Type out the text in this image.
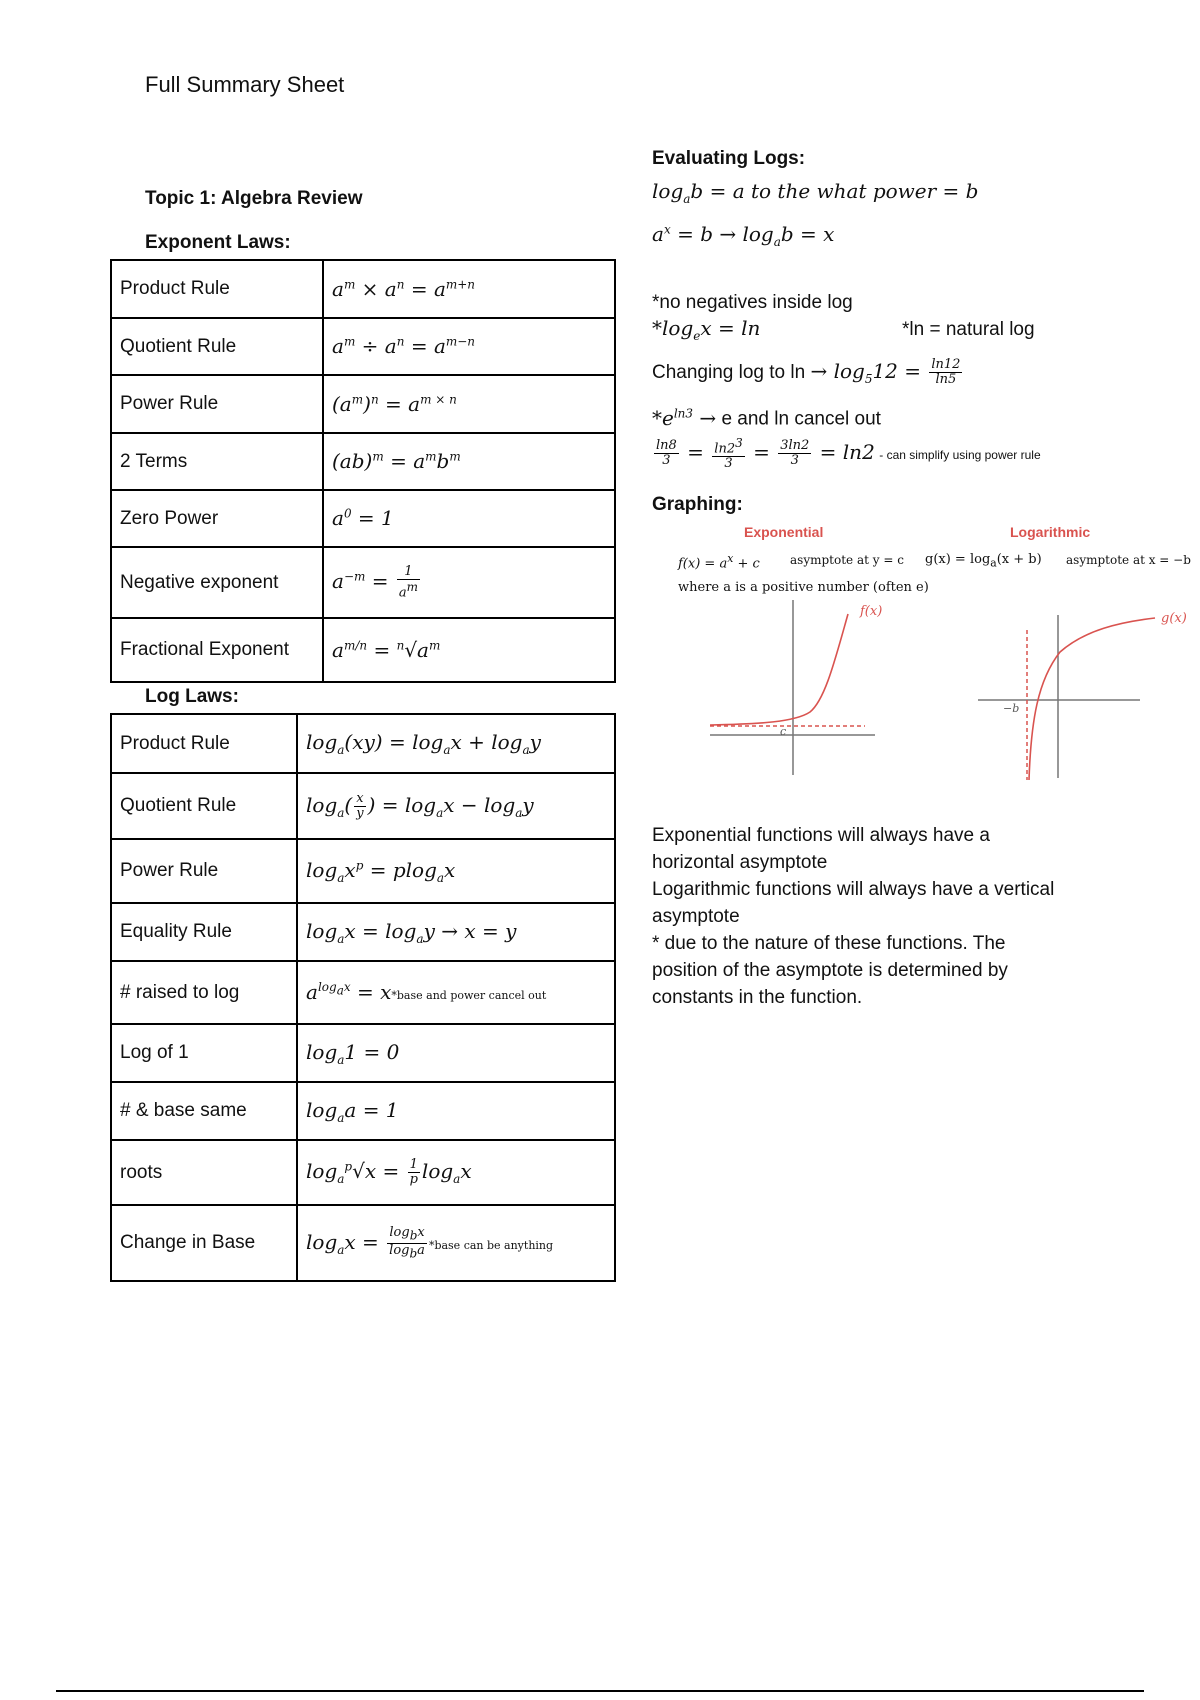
Full Summary Sheet
Topic 1: Algebra Review
Exponent Laws:
Product Rule	$a^m \times a^n = a^{m+n}$
Quotient Rule	$a^m \div a^n = a^{m-n}$
Power Rule	$(a^m)^n = a^{m \times n}$
2 Terms	$(ab)^m = a^mb^m$
Zero Power	$a^0 = 1$
Negative exponent	$a^{-m} = \frac{1}{a^m}$

Fractional Exponent	$a^{m/n} = ^n√a^m$
Log Laws:
Product Rule	$\log_a(xy) = \log_ax + \log_ay$
Quotient Rule	$\log_a( \frac{x}{y}$ ) = $\log_ax - \log_ay$
Power Rule	$\log_ax^p = plog_ax$
Equality Rule	$\log_ax = \log_ay \to x = y$
# raised to log	$a^{log_ax}$ = x*base and power cancel out
Log of 1	$\log_a1 = 0$
# & base same	$\log_aa = 1$
roots	$\log_a^p√x = \frac{1}{p} \log_ax$
Change in Base	$\log_ax = \frac{\log_bx}{\log_ba}$ *base can be anything
Evaluating Logs:
$\log_ab = a$ to the what power = b
$a^x = b \to \log_ab = x$
*no negatives inside log
$*\log_ex = \ln$	*ln = natural log
Changing log to $\ln \to \log_512 = \frac{\ln 12}{\ln 5}$
$*e^{ln3} \to e$ and ln cancel out
$\frac{\ln 8}{3} = \frac{\ln 2^3}{3} = \frac{3\ln 2}{3} = \ln 2$ - can simplify using power rule
Graphing:
Exponential	Logarithmic
$f(x) = a^x + c$	asymptote at y = c $g(x) = \log_a(x + b)$ asymptote at x = −b
where a is a positive number (often e)
f(x)
c
g(x)
−b
Exponential functions will always have a
horizontal asymptote
Logarithmic functions will always have a vertical
asymptote
* due to the nature of these functions. The
position of the asymptote is determined by
constants in the function.
